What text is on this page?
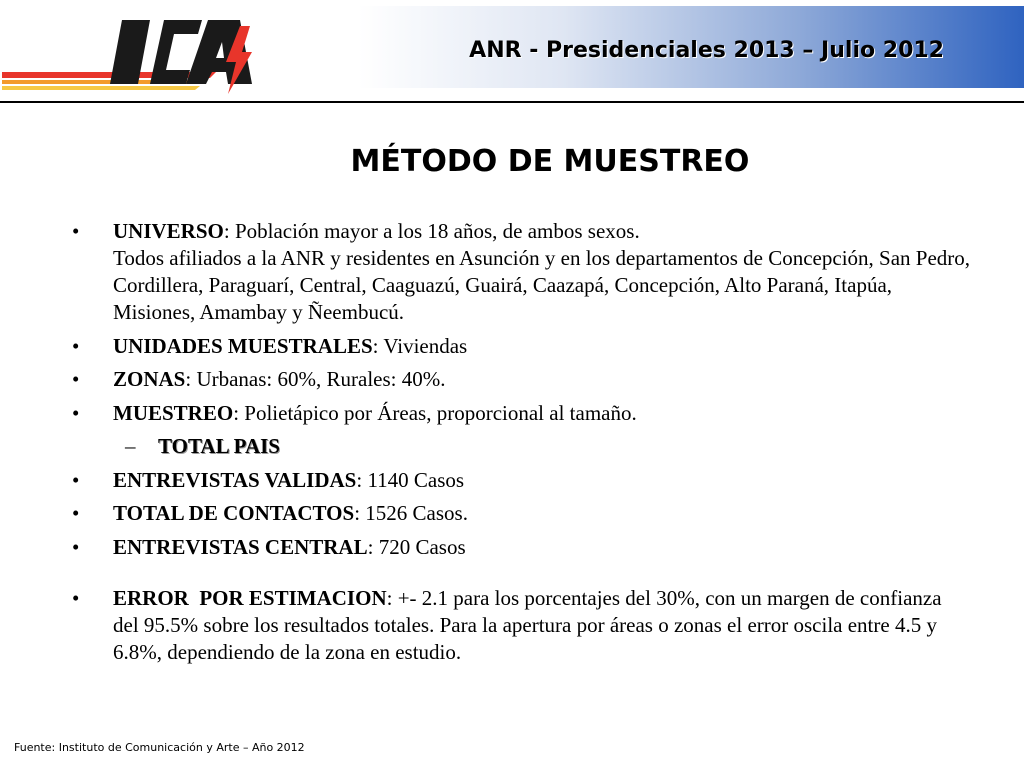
ANR - Presidenciales 2013 – Julio 2012
MÉTODO DE MUESTREO
• UNIVERSO: Población mayor a los 18 años, de ambos sexos.
Todos afiliados a la ANR y residentes en Asunción y en los departamentos de Concepción, San Pedro, Cordillera, Paraguarí, Central, Caaguazú, Guairá, Caazapá, Concepción, Alto Paraná, Itapúa, Misiones, Amambay y Ñeembucú.
• UNIDADES MUESTRALES: Viviendas
• ZONAS: Urbanas: 60%, Rurales: 40%.
• MUESTREO: Polietápico por Áreas, proporcional al tamaño.
– TOTAL PAIS
• ENTREVISTAS VALIDAS: 1140 Casos
• TOTAL DE CONTACTOS: 1526 Casos.
• ENTREVISTAS CENTRAL: 720 Casos
• ERROR  POR ESTIMACION: +- 2.1 para los porcentajes del 30%, con un margen de confianza del 95.5% sobre los resultados totales. Para la apertura por áreas o zonas el error oscila entre 4.5 y 6.8%, dependiendo de la zona en estudio.
Fuente: Instituto de Comunicación y Arte – Año 2012
